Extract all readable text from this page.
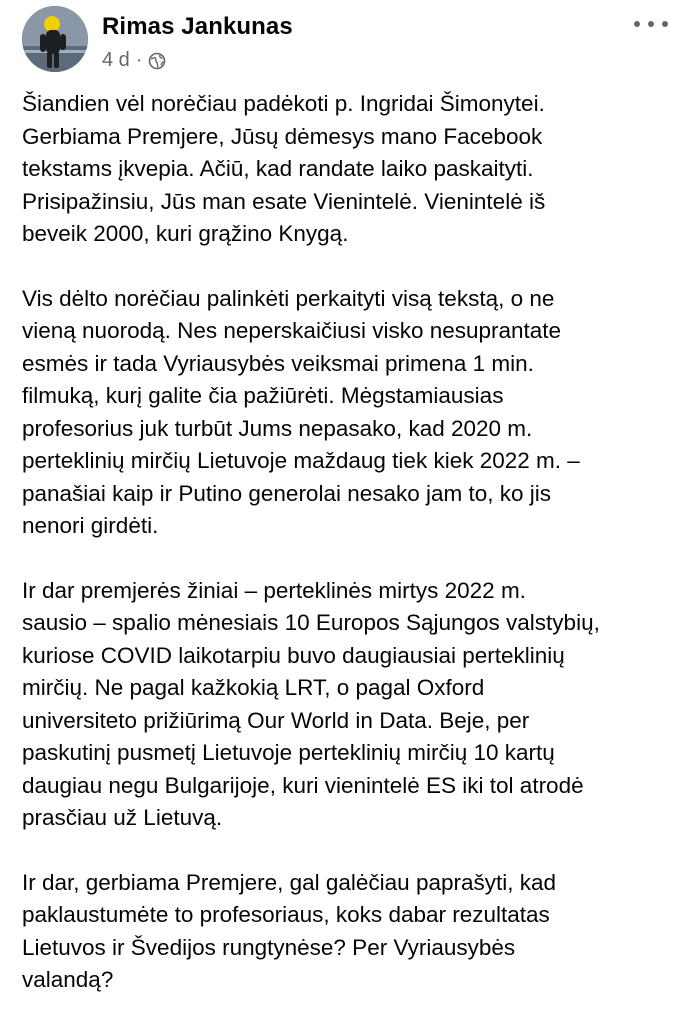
Rimas Jankunas
4 d ·

Šiandien vėl norėčiau padėkoti p. Ingridai Šimonytei.
Gerbiama Premjere, Jūsų dėmesys mano Facebook
tekstams įkvepia. Ačiū, kad randate laiko paskaityti.
Prisipažinsiu, Jūs man esate Vienintelė. Vienintelė iš
beveik 2000, kuri grąžino Knygą.

Vis dėlto norėčiau palinkėti perkaityti visą tekstą, o ne
vieną nuorodą. Nes neperskaičiusi visko nesuprantate
esmės ir tada Vyriausybės veiksmai primena 1 min.
filmuką, kurį galite čia pažiūrėti. Mėgstamiausias
profesorius juk turbūt Jums nepasako, kad 2020 m.
perteklinių mirčių Lietuvoje maždaug tiek kiek 2022 m. –
panašiai kaip ir Putino generolai nesako jam to, ko jis
nenori girdėti.

Ir dar premjerės žiniai – perteklinės mirtys 2022 m.
sausio – spalio mėnesiais 10 Europos Sąjungos valstybių,
kuriose COVID laikotarpiu buvo daugiausiai perteklinių
mirčių. Ne pagal kažkokią LRT, o pagal Oxford
universiteto prižiūrimą Our World in Data. Beje, per
paskutinį pusmetį Lietuvoje perteklinių mirčių 10 kartų
daugiau negu Bulgarijoje, kuri vienintelė ES iki tol atrodė
prasčiau už Lietuvą.

Ir dar, gerbiama Premjere, gal galėčiau paprašyti, kad
paklaustumėte to profesoriaus, koks dabar rezultatas
Lietuvos ir Švedijos rungtynėse? Per Vyriausybės
valandą?
